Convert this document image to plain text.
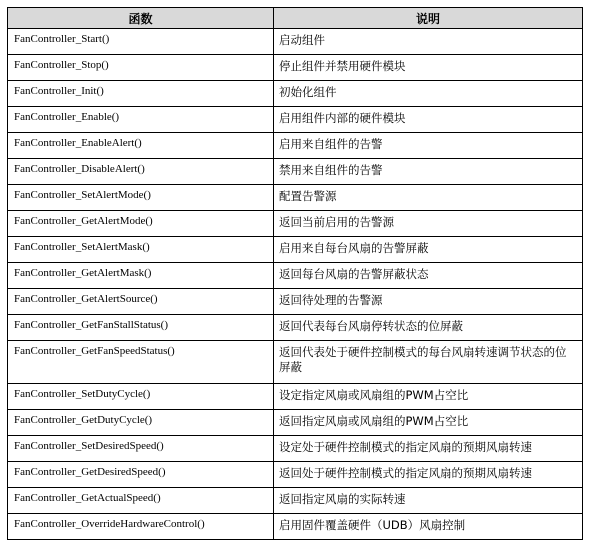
函数	说明
FanController_Start()	启动组件
FanController_Stop()	停止组件并禁用硬件模块
FanController_Init()	初始化组件
FanController_Enable()	启用组件内部的硬件模块
FanController_EnableAlert()	启用来自组件的告警
FanController_DisableAlert()	禁用来自组件的告警
FanController_SetAlertMode()	配置告警源
FanController_GetAlertMode()	返回当前启用的告警源
FanController_SetAlertMask()	启用来自每台风扇的告警屏蔽
FanController_GetAlertMask()	返回每台风扇的告警屏蔽状态
FanController_GetAlertSource()	返回待处理的告警源
FanController_GetFanStallStatus()	返回代表每台风扇停转状态的位屏蔽
FanController_GetFanSpeedStatus()	返回代表处于硬件控制模式的每台风扇转速调节状态的位屏蔽
FanController_SetDutyCycle()	设定指定风扇或风扇组的PWM占空比
FanController_GetDutyCycle()	返回指定风扇或风扇组的PWM占空比
FanController_SetDesiredSpeed()	设定处于硬件控制模式的指定风扇的预期风扇转速
FanController_GetDesiredSpeed()	返回处于硬件控制模式的指定风扇的预期风扇转速
FanController_GetActualSpeed()	返回指定风扇的实际转速
FanController_OverrideHardwareControl()	启用固件覆盖硬件（UDB）风扇控制
